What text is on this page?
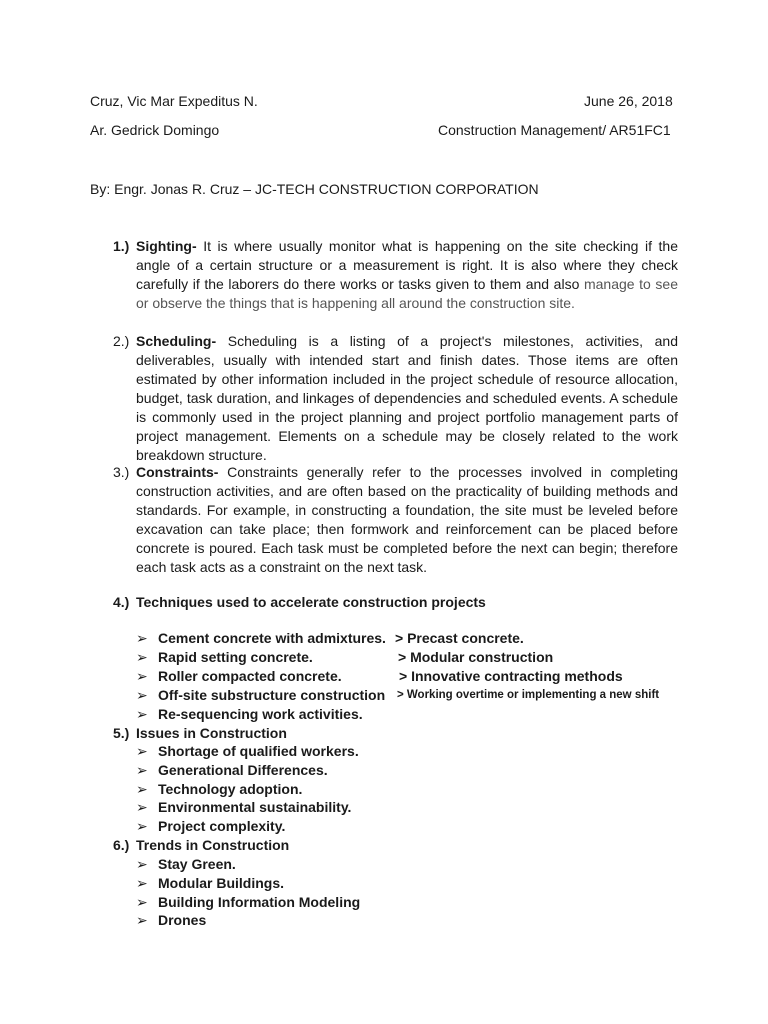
Cruz, Vic Mar Expeditus N.	June 26, 2018
Ar. Gedrick Domingo	Construction Management/ AR51FC1
By: Engr. Jonas R. Cruz – JC-TECH CONSTRUCTION CORPORATION
1.) Sighting- It is where usually monitor what is happening on the site checking if the angle of a certain structure or a measurement is right. It is also where they check carefully if the laborers do there works or tasks given to them and also manage to see or observe the things that is happening all around the construction site.
2.) Scheduling- Scheduling is a listing of a project's milestones, activities, and deliverables, usually with intended start and finish dates. Those items are often estimated by other information included in the project schedule of resource allocation, budget, task duration, and linkages of dependencies and scheduled events. A schedule is commonly used in the project planning and project portfolio management parts of project management. Elements on a schedule may be closely related to the work breakdown structure.
3.) Constraints- Constraints generally refer to the processes involved in completing construction activities, and are often based on the practicality of building methods and standards. For example, in constructing a foundation, the site must be leveled before excavation can take place; then formwork and reinforcement can be placed before concrete is poured. Each task must be completed before the next can begin; therefore each task acts as a constraint on the next task.
4.) Techniques used to accelerate construction projects
➢ Cement concrete with admixtures.
➢ Rapid setting concrete.
➢ Roller compacted concrete.
➢ Off-site substructure construction
➢ Re-sequencing work activities.
> Precast concrete.
> Modular construction
> Innovative contracting methods
> Working overtime or implementing a new shift
5.) Issues in Construction
➢ Shortage of qualified workers.
➢ Generational Differences.
➢ Technology adoption.
➢ Environmental sustainability.
➢ Project complexity.
6.) Trends in Construction
➢ Stay Green.
➢ Modular Buildings.
➢ Building Information Modeling
➢ Drones
